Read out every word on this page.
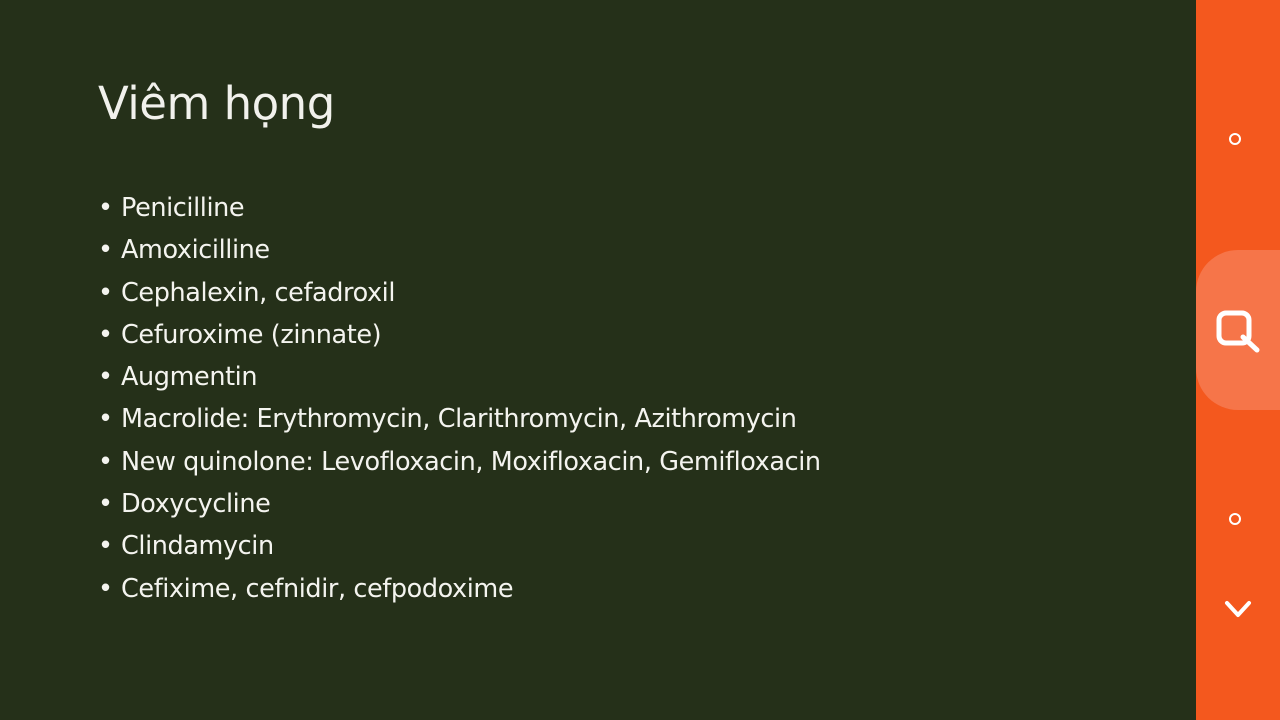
Viêm họng
• Penicilline
• Amoxicilline
• Cephalexin, cefadroxil
• Cefuroxime (zinnate)
• Augmentin
• Macrolide: Erythromycin, Clarithromycin, Azithromycin
• New quinolone: Levofloxacin, Moxifloxacin, Gemifloxacin
• Doxycycline
• Clindamycin
• Cefixime, cefnidir, cefpodoxime
